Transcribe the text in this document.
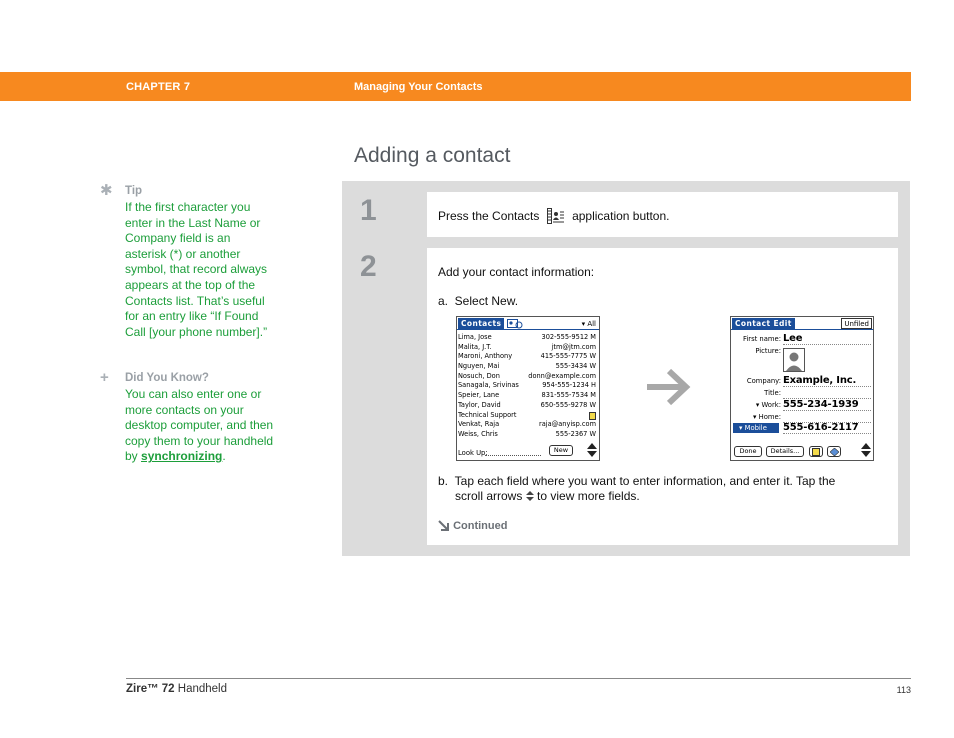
CHAPTER 7	Managing Your Contacts
Adding a contact
✱ Tip
If the first character you enter in the Last Name or Company field is an asterisk (*) or another symbol, that record always appears at the top of the Contacts list. That’s useful for an entry like “If Found Call [your phone number].”
+ Did You Know?
You can also enter one or more contacts on your desktop computer, and then copy them to your handheld by synchronizing.
1	Press the Contacts	application button.
2	Add your contact information:
a.  Select New.
Contacts	▾ All
Lima, Jose	302-555-9512 M
Malita, J.T.	jtm@jtm.com
Maroni, Anthony	415-555-7775 W
Nguyen, Mai	555-3434 W
Nosuch, Don	donn@example.com
Sanagala, Srivinas	954-555-1234 H
Speier, Lane	831-555-7534 M
Taylor, David	650-555-9278 W
Technical Support
Venkat, Raja	raja@anyisp.com
Weiss, Chris	555-2367 W
Look Up:	New
Contact Edit	Unfiled
First name: Lee
Picture:
Company: Example, Inc.
Title:
▾ Work: 555-234-1939
▾ Home:
▾ Mobile	555-616-2117
Done	Details...
b.  Tap each field where you want to enter information, and enter it. Tap the
scroll arrows to view more fields.
Continued
Zire™ 72 Handheld	113
